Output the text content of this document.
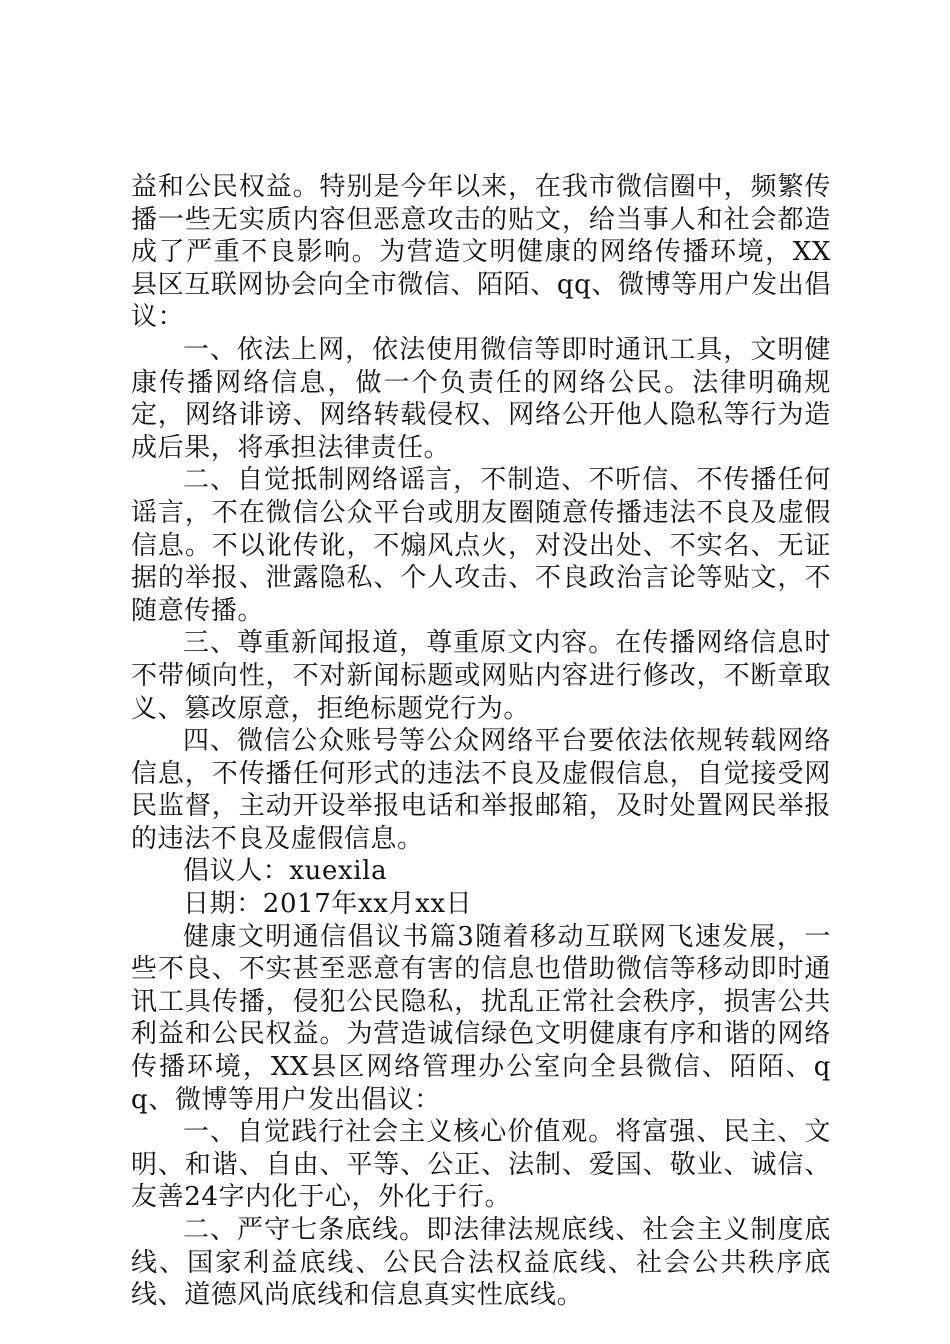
益和公民权益。特别是今年以来，在我市微信圈中，频繁传播一些无实质内容但恶意攻击的贴文，给当事人和社会都造成了严重不良影响。为营造文明健康的网络传播环境，XX县区互联网协会向全市微信、陌陌、qq、微博等用户发出倡议：

一、依法上网，依法使用微信等即时通讯工具，文明健康传播网络信息，做一个负责任的网络公民。法律明确规定，网络诽谤、网络转载侵权、网络公开他人隐私等行为造成后果，将承担法律责任。

二、自觉抵制网络谣言，不制造、不听信、不传播任何谣言，不在微信公众平台或朋友圈随意传播违法不良及虚假信息。不以讹传讹，不煽风点火，对没出处、不实名、无证据的举报、泄露隐私、个人攻击、不良政治言论等贴文，不随意传播。

三、尊重新闻报道，尊重原文内容。在传播网络信息时不带倾向性，不对新闻标题或网贴内容进行修改，不断章取义、篡改原意，拒绝标题党行为。

四、微信公众账号等公众网络平台要依法依规转载网络信息，不传播任何形式的违法不良及虚假信息，自觉接受网民监督，主动开设举报电话和举报邮箱，及时处置网民举报的违法不良及虚假信息。

倡议人：xuexila

日期：2017年xx月xx日

健康文明通信倡议书篇3随着移动互联网飞速发展，一些不良、不实甚至恶意有害的信息也借助微信等移动即时通讯工具传播，侵犯公民隐私，扰乱正常社会秩序，损害公共利益和公民权益。为营造诚信绿色文明健康有序和谐的网络传播环境，XX县区网络管理办公室向全县微信、陌陌、qq、微博等用户发出倡议：

一、自觉践行社会主义核心价值观。将富强、民主、文明、和谐、自由、平等、公正、法制、爱国、敬业、诚信、友善24字内化于心，外化于行。

二、严守七条底线。即法律法规底线、社会主义制度底线、国家利益底线、公民合法权益底线、社会公共秩序底线、道德风尚底线和信息真实性底线。
